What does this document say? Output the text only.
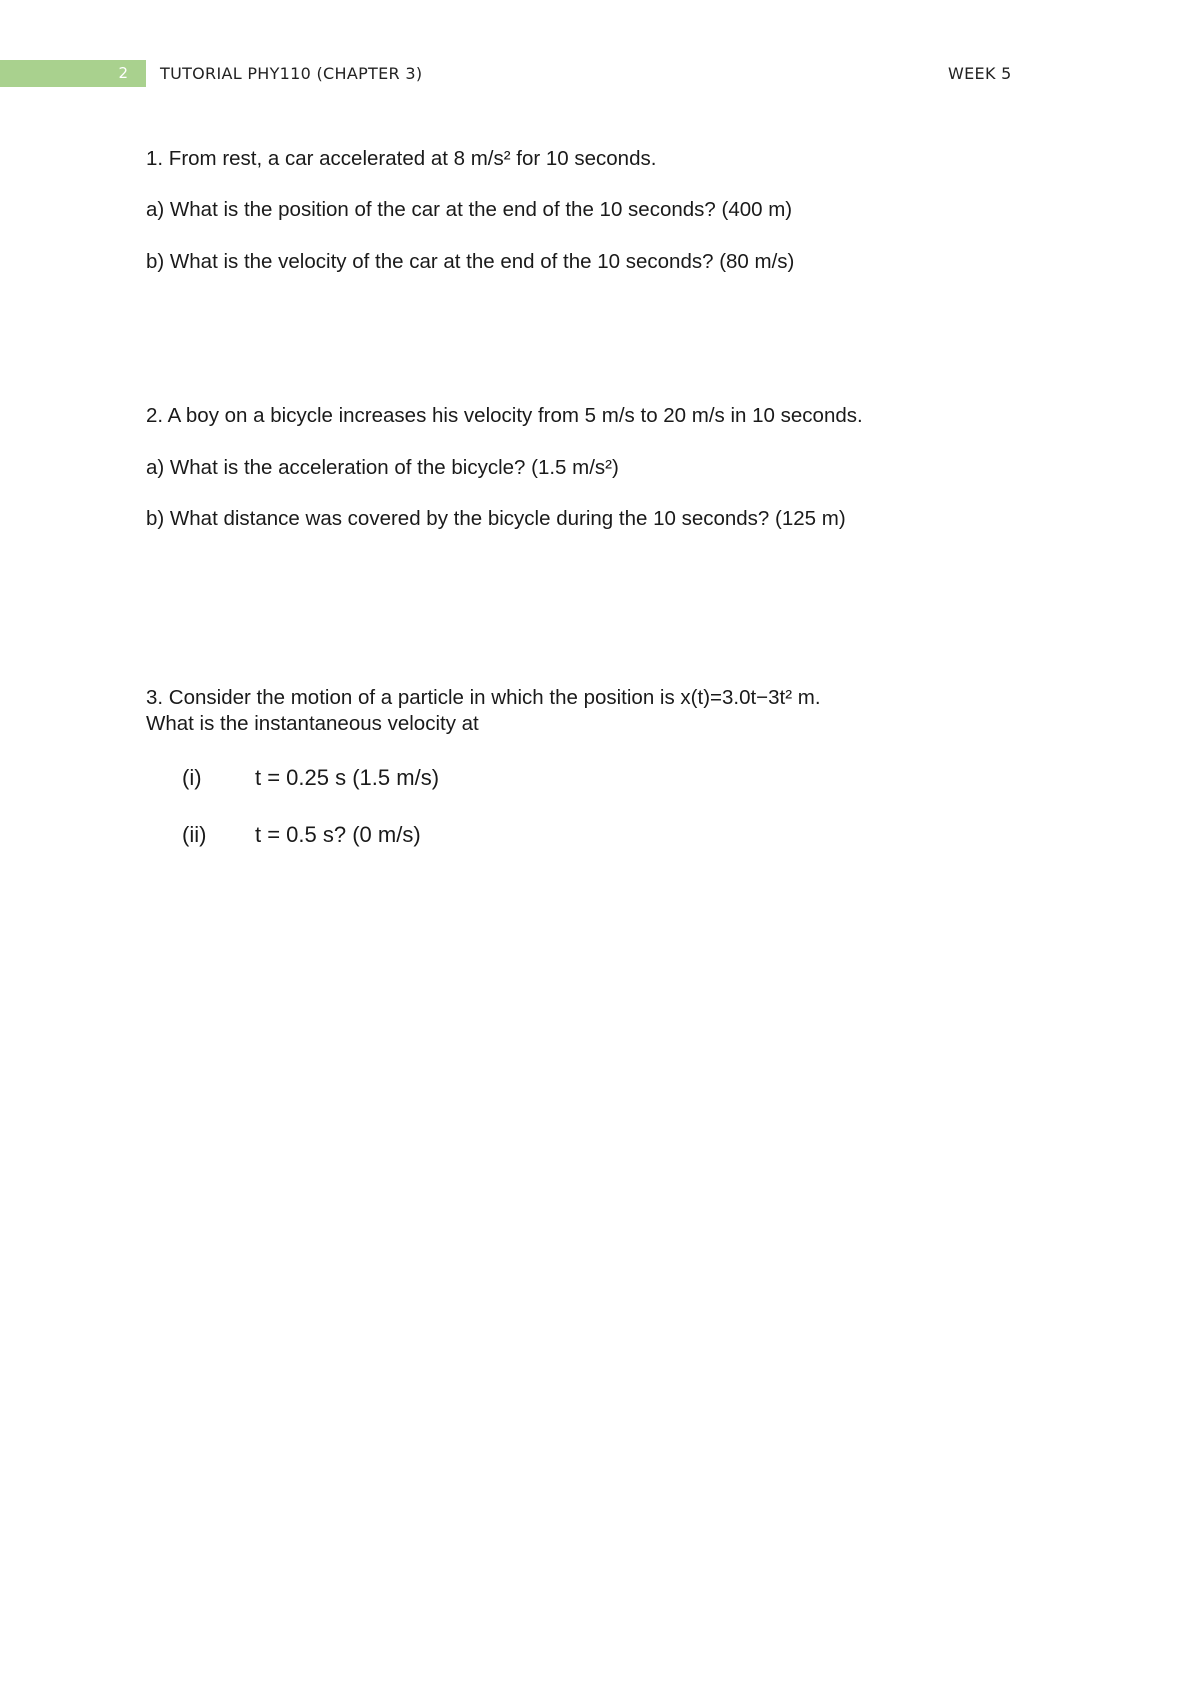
2	TUTORIAL PHY110 (CHAPTER 3)	WEEK 5
1. From rest, a car accelerated at 8 m/s² for 10 seconds.
a) What is the position of the car at the end of the 10 seconds? (400 m)
b) What is the velocity of the car at the end of the 10 seconds? (80 m/s)
2. A boy on a bicycle increases his velocity from 5 m/s to 20 m/s in 10 seconds.
a) What is the acceleration of the bicycle? (1.5 m/s²)
b) What distance was covered by the bicycle during the 10 seconds? (125 m)
3. Consider the motion of a particle in which the position is x(t)=3.0t−3t² m.
What is the instantaneous velocity at
(i) t = 0.25 s (1.5 m/s)
(ii) t = 0.5 s? (0 m/s)
